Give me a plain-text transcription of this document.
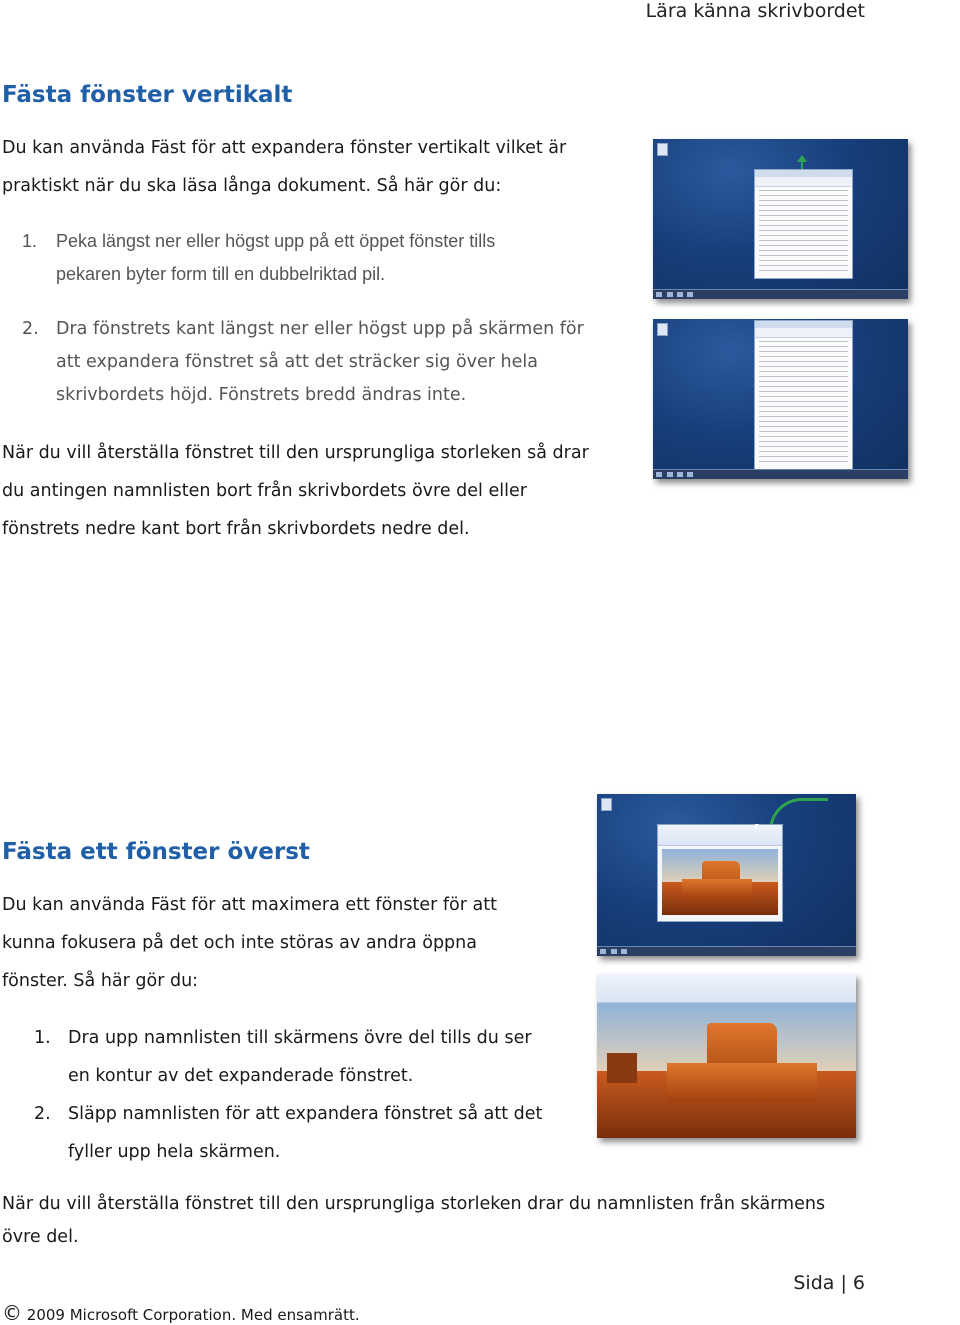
Lära känna skrivbordet
Fästa fönster vertikalt
Du kan använda Fäst för att expandera fönster vertikalt vilket är
praktiskt när du ska läsa långa dokument. Så här gör du:
1. Peka längst ner eller högst upp på ett öppet fönster tills
pekaren byter form till en dubbelriktad pil.
2. Dra fönstrets kant längst ner eller högst upp på skärmen för
att expandera fönstret så att det sträcker sig över hela
skrivbordets höjd. Fönstrets bredd ändras inte.
När du vill återställa fönstret till den ursprungliga storleken så drar
du antingen namnlisten bort från skrivbordets övre del eller
fönstrets nedre kant bort från skrivbordets nedre del.
Fästa ett fönster överst
Du kan använda Fäst för att maximera ett fönster för att
kunna fokusera på det och inte störas av andra öppna
fönster. Så här gör du:
1. Dra upp namnlisten till skärmens övre del tills du ser
en kontur av det expanderade fönstret.
2. Släpp namnlisten för att expandera fönstret så att det
fyller upp hela skärmen.
När du vill återställa fönstret till den ursprungliga storleken drar du namnlisten från skärmens
övre del.
Sida | 6
© 2009 Microsoft Corporation. Med ensamrätt.
